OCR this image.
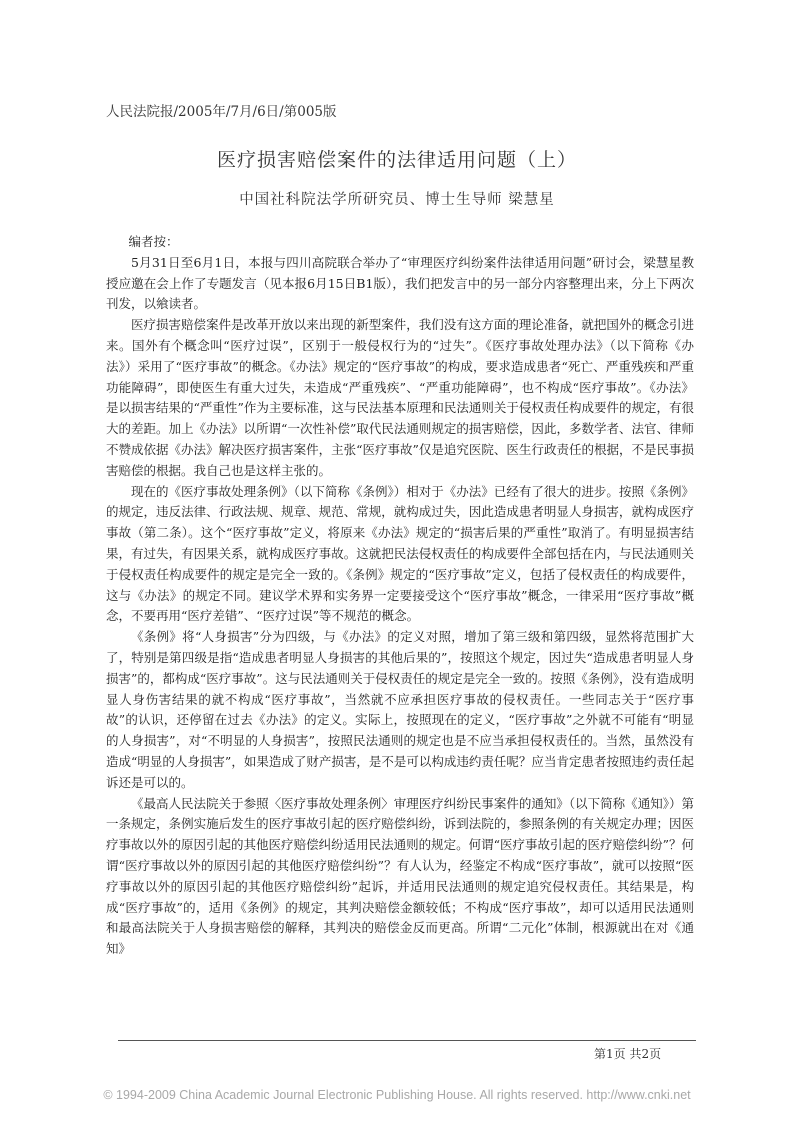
人民法院报/2005年/7月/6日/第005版
医疗损害赔偿案件的法律适用问题（上）
中国社科院法学所研究员、博士生导师 梁慧星

编者按：

5月31日至6月1日，本报与四川高院联合举办了“审理医疗纠纷案件法律适用问题”研讨会，梁慧星教授应邀在会上作了专题发言（见本报6月15日B1版），我们把发言中的另一部分内容整理出来，分上下两次刊发，以飨读者。

医疗损害赔偿案件是改革开放以来出现的新型案件，我们没有这方面的理论准备，就把国外的概念引进来。国外有个概念叫“医疗过误”，区别于一般侵权行为的“过失”。《医疗事故处理办法》（以下简称《办法》）采用了“医疗事故”的概念。《办法》规定的“医疗事故”的构成，要求造成患者“死亡、严重残疾和严重功能障碍”，即使医生有重大过失，未造成“严重残疾”、“严重功能障碍”，也不构成“医疗事故”。《办法》是以损害结果的“严重性”作为主要标准，这与民法基本原理和民法通则关于侵权责任构成要件的规定，有很大的差距。加上《办法》以所谓“一次性补偿”取代民法通则规定的损害赔偿，因此，多数学者、法官、律师不赞成依据《办法》解决医疗损害案件，主张“医疗事故”仅是追究医院、医生行政责任的根据，不是民事损害赔偿的根据。我自己也是这样主张的。

现在的《医疗事故处理条例》（以下简称《条例》）相对于《办法》已经有了很大的进步。按照《条例》的规定，违反法律、行政法规、规章、规范、常规，就构成过失，因此造成患者明显人身损害，就构成医疗事故（第二条）。这个“医疗事故”定义，将原来《办法》规定的“损害后果的严重性”取消了。有明显损害结果，有过失，有因果关系，就构成医疗事故。这就把民法侵权责任的构成要件全部包括在内，与民法通则关于侵权责任构成要件的规定是完全一致的。《条例》规定的“医疗事故”定义，包括了侵权责任的构成要件，这与《办法》的规定不同。建议学术界和实务界一定要接受这个“医疗事故”概念，一律采用“医疗事故”概念，不要再用“医疗差错”、“医疗过误”等不规范的概念。

《条例》将“人身损害”分为四级，与《办法》的定义对照，增加了第三级和第四级，显然将范围扩大了，特别是第四级是指“造成患者明显人身损害的其他后果的”，按照这个规定，因过失“造成患者明显人身损害”的，都构成“医疗事故”。这与民法通则关于侵权责任的规定是完全一致的。按照《条例》，没有造成明显人身伤害结果的就不构成“医疗事故”，当然就不应承担医疗事故的侵权责任。一些同志关于“医疗事故”的认识，还停留在过去《办法》的定义。实际上，按照现在的定义，“医疗事故”之外就不可能有“明显的人身损害”，对“不明显的人身损害”，按照民法通则的规定也是不应当承担侵权责任的。当然，虽然没有造成“明显的人身损害”，如果造成了财产损害，是不是可以构成违约责任呢？应当肯定患者按照违约责任起诉还是可以的。

《最高人民法院关于参照〈医疗事故处理条例〉审理医疗纠纷民事案件的通知》（以下简称《通知》）第一条规定，条例实施后发生的医疗事故引起的医疗赔偿纠纷，诉到法院的，参照条例的有关规定办理；因医疗事故以外的原因引起的其他医疗赔偿纠纷适用民法通则的规定。何谓“医疗事故引起的医疗赔偿纠纷”？何谓“医疗事故以外的原因引起的其他医疗赔偿纠纷”？有人认为，经鉴定不构成“医疗事故”，就可以按照“医疗事故以外的原因引起的其他医疗赔偿纠纷”起诉，并适用民法通则的规定追究侵权责任。其结果是，构成“医疗事故”的，适用《条例》的规定，其判决赔偿金额较低；不构成“医疗事故”，却可以适用民法通则和最高法院关于人身损害赔偿的解释，其判决的赔偿金反而更高。所谓“二元化”体制，根源就出在对《通知》

第1页 共2页
© 1994-2009 China Academic Journal Electronic Publishing House. All rights reserved. http://www.cnki.net
